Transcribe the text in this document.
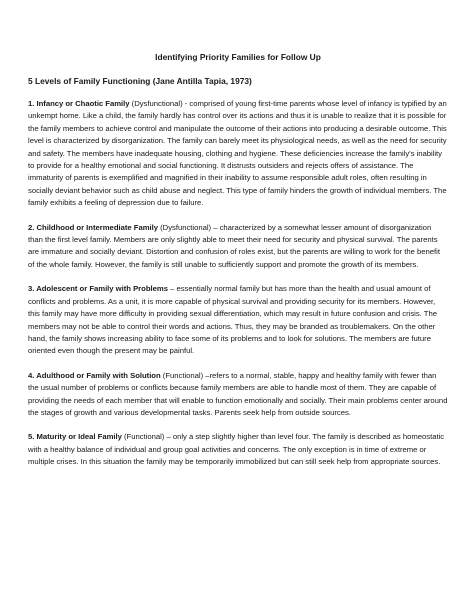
Identifying Priority Families for Follow Up
5 Levels of Family Functioning (Jane Antilla Tapia, 1973)

1. Infancy or Chaotic Family (Dysfunctional) - comprised of young first-time parents whose level of infancy is typified by an unkempt home. Like a child, the family hardly has control over its actions and thus it is unable to realize that it is possible for the family members to achieve control and manipulate the outcome of their actions into producing a desirable outcome. This level is characterized by disorganization. The family can barely meet its physiological needs, as well as the need for security and safety. The members have inadequate housing, clothing and hygiene. These deficiencies increase the family's inability to provide for a healthy emotional and social functioning. It distrusts outsiders and rejects offers of assistance. The immaturity of parents is exemplified and magnified in their inability to assume responsible adult roles, often resulting in socially deviant behavior such as child abuse and neglect. This type of family hinders the growth of individual members. The family exhibits a feeling of depression due to failure.

2. Childhood or Intermediate Family (Dysfunctional) – characterized by a somewhat lesser amount of disorganization than the first level family. Members are only slightly able to meet their need for security and physical survival. The parents are immature and socially deviant. Distortion and confusion of roles exist, but the parents are willing to work for the benefit of the whole family. However, the family is still unable to sufficiently support and promote the growth of its members.

3. Adolescent or Family with Problems – essentially normal family but has more than the health and usual amount of conflicts and problems. As a unit, it is more capable of physical survival and providing security for its members. However, this family may have more difficulty in providing sexual differentiation, which may result in future confusion and crisis. The members may not be able to control their words and actions. Thus, they may be branded as troublemakers. On the other hand, the family shows increasing ability to face some of its problems and to look for solutions. The members are future oriented even though the present may be painful.

4. Adulthood or Family with Solution (Functional) –refers to a normal, stable, happy and healthy family with fewer than the usual number of problems or conflicts because family members are able to handle most of them. They are capable of providing the needs of each member that will enable to function emotionally and socially. Their main problems center around the stages of growth and various developmental tasks. Parents seek help from outside sources.

5. Maturity or Ideal Family (Functional) – only a step slightly higher than level four. The family is described as homeostatic with a healthy balance of individual and group goal activities and concerns. The only exception is in time of extreme or multiple crises. In this situation the family may be temporarily immobilized but can still seek help from appropriate sources.
